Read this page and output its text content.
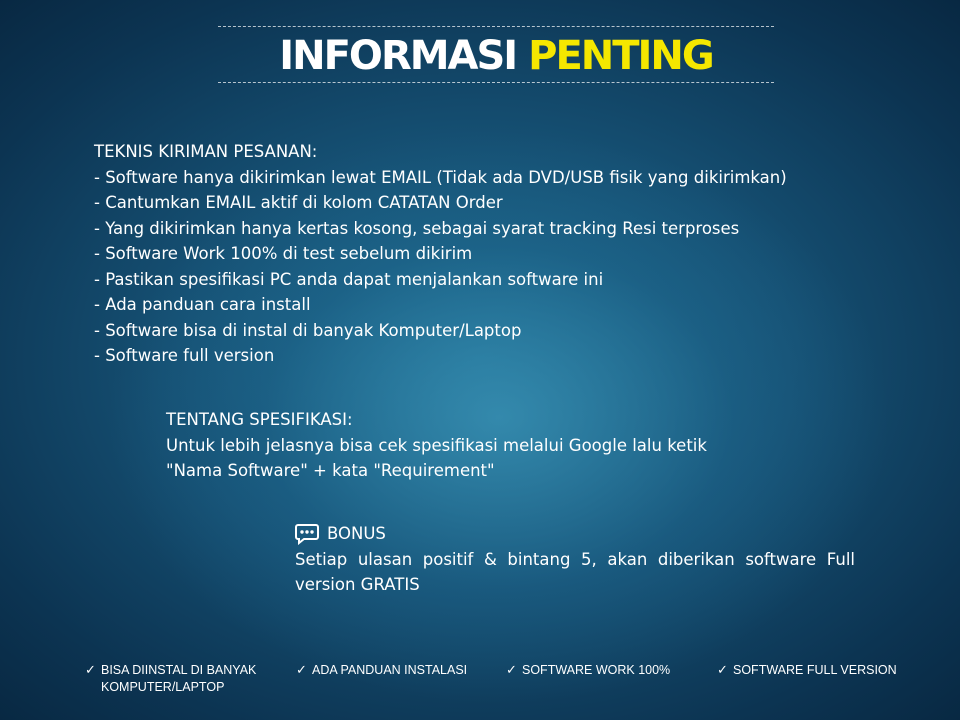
INFORMASI PENTING
TEKNIS KIRIMAN PESANAN:
- Software hanya dikirimkan lewat EMAIL (Tidak ada DVD/USB fisik yang dikirimkan)
- Cantumkan EMAIL aktif di kolom CATATAN Order
- Yang dikirimkan hanya kertas kosong, sebagai syarat tracking Resi terproses
- Software Work 100% di test sebelum dikirim
- Pastikan spesifikasi PC anda dapat menjalankan software ini
- Ada panduan cara install
- Software bisa di instal di banyak Komputer/Laptop
- Software full version
TENTANG SPESIFIKASI:
Untuk lebih jelasnya bisa cek spesifikasi melalui Google lalu ketik
"Nama Software" + kata "Requirement"
BONUS
Setiap ulasan positif & bintang 5, akan diberikan software Full version GRATIS
✓ BISA DIINSTAL DI BANYAK KOMPUTER/LAPTOP
✓ ADA PANDUAN INSTALASI	✓ SOFTWARE WORK 100%	✓ SOFTWARE FULL VERSION
